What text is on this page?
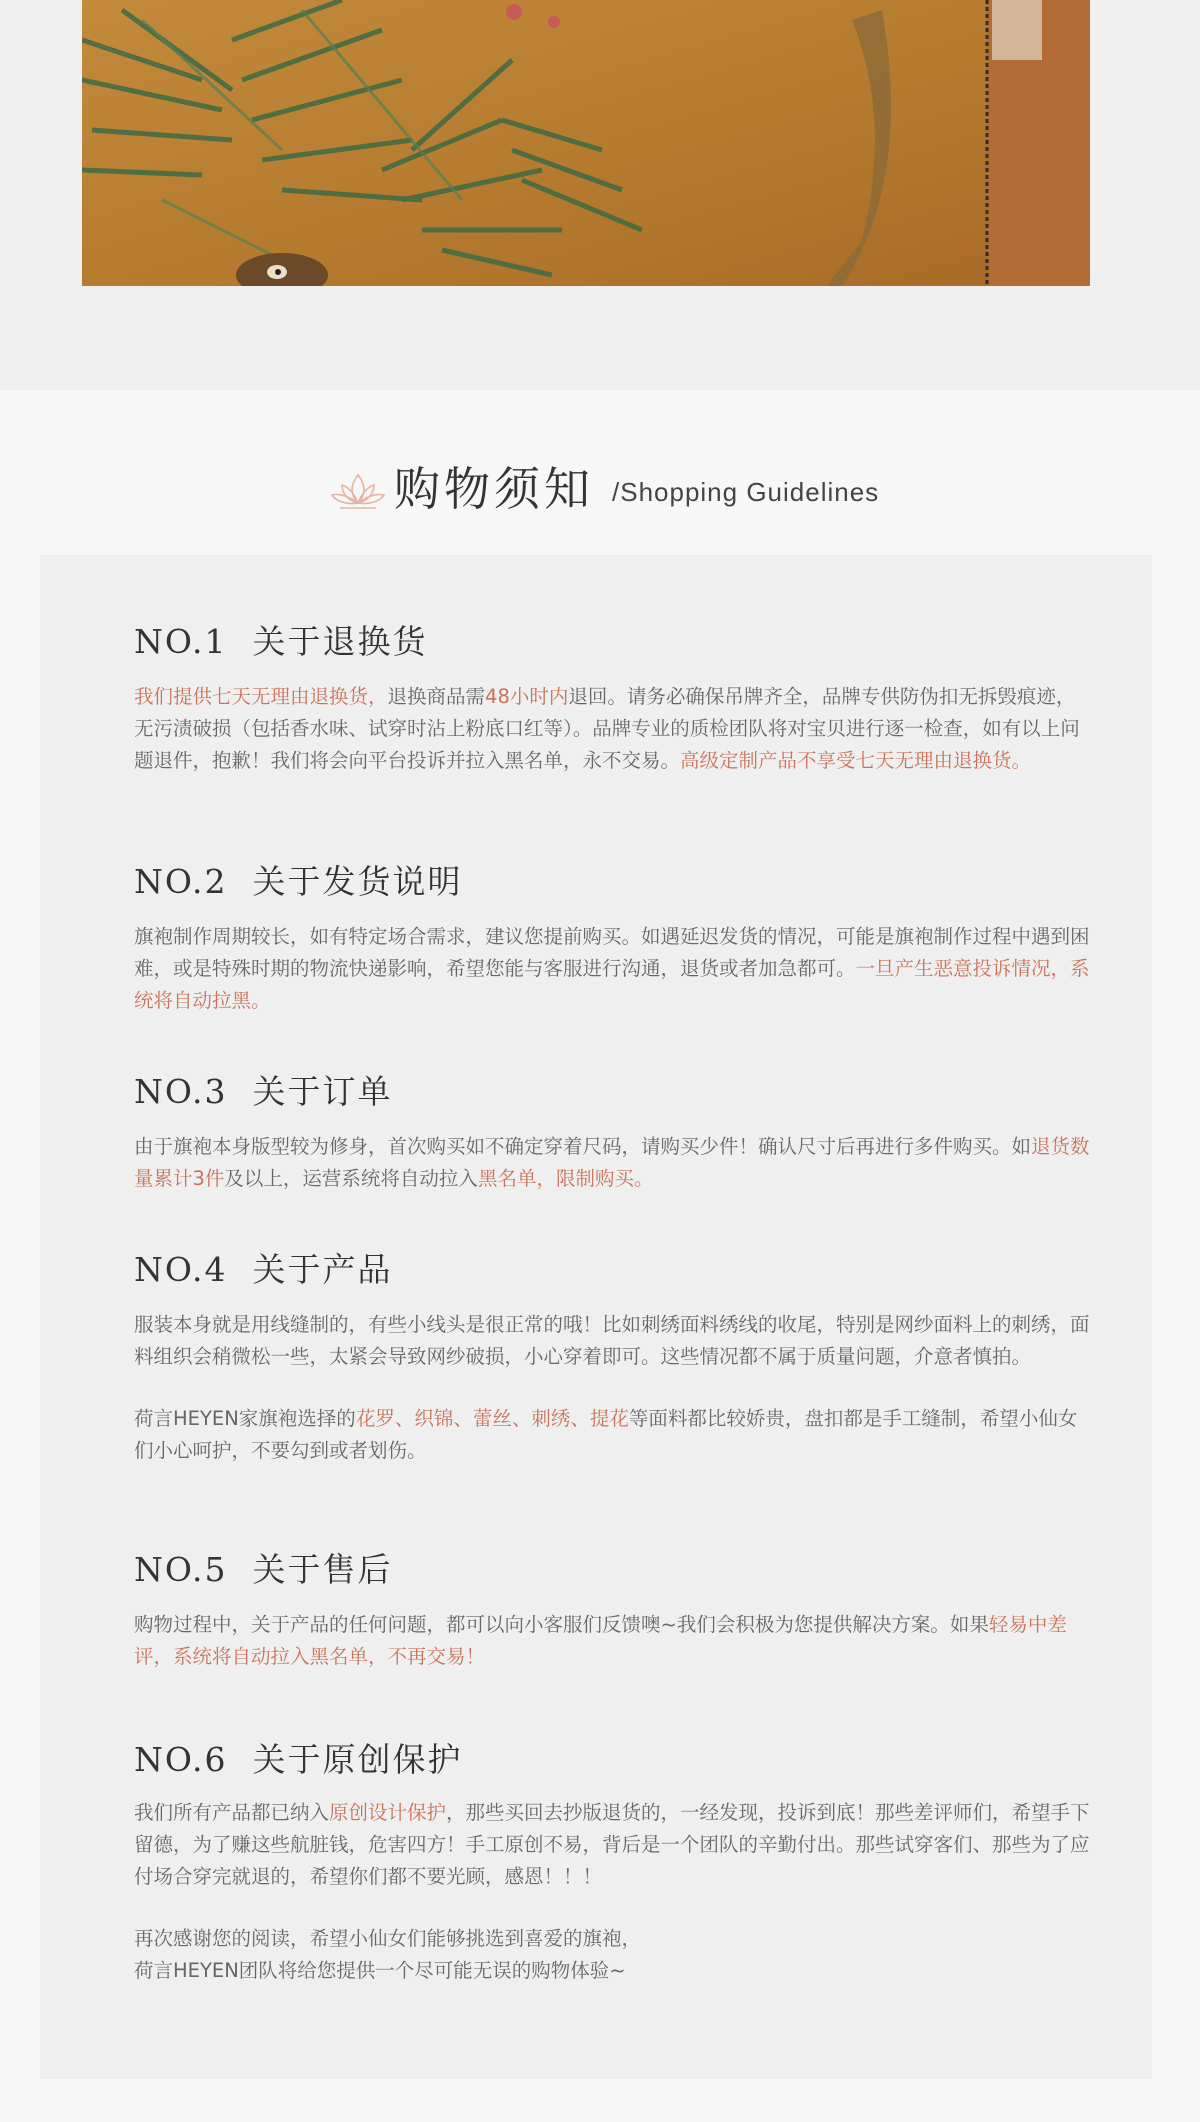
购物须知 /Shopping Guidelines
NO.1  关于退换货

我们提供七天无理由退换货，退换商品需48小时内退回。请务必确保吊牌齐全，品牌专供防伪扣无拆毁痕迹，无污渍破损（包括香水味、试穿时沾上粉底口红等）。品牌专业的质检团队将对宝贝进行逐一检查，如有以上问题退件，抱歉！我们将会向平台投诉并拉入黑名单，永不交易。高级定制产品不享受七天无理由退换货。

NO.2  关于发货说明

旗袍制作周期较长，如有特定场合需求，建议您提前购买。如遇延迟发货的情况，可能是旗袍制作过程中遇到困难，或是特殊时期的物流快递影响，希望您能与客服进行沟通，退货或者加急都可。一旦产生恶意投诉情况，系统将自动拉黑。

NO.3  关于订单

由于旗袍本身版型较为修身，首次购买如不确定穿着尺码，请购买少件！确认尺寸后再进行多件购买。如退货数量累计3件及以上，运营系统将自动拉入黑名单，限制购买。

NO.4  关于产品

服装本身就是用线缝制的，有些小线头是很正常的哦！比如刺绣面料绣线的收尾，特别是网纱面料上的刺绣，面料组织会稍微松一些，太紧会导致网纱破损，小心穿着即可。这些情况都不属于质量问题，介意者慎拍。

荷言HEYEN家旗袍选择的花罗、织锦、蕾丝、刺绣、提花等面料都比较娇贵，盘扣都是手工缝制，希望小仙女们小心呵护，不要勾到或者划伤。

NO.5  关于售后

购物过程中，关于产品的任何问题，都可以向小客服们反馈噢~我们会积极为您提供解决方案。如果轻易中差评，系统将自动拉入黑名单，不再交易！

NO.6  关于原创保护

我们所有产品都已纳入原创设计保护，那些买回去抄版退货的，一经发现，投诉到底！那些差评师们，希望手下留德，为了赚这些航脏钱，危害四方！手工原创不易，背后是一个团队的辛勤付出。那些试穿客们、那些为了应付场合穿完就退的，希望你们都不要光顾，感恩！！！

再次感谢您的阅读，希望小仙女们能够挑选到喜爱的旗袍，

荷言HEYEN团队将给您提供一个尽可能无误的购物体验~
